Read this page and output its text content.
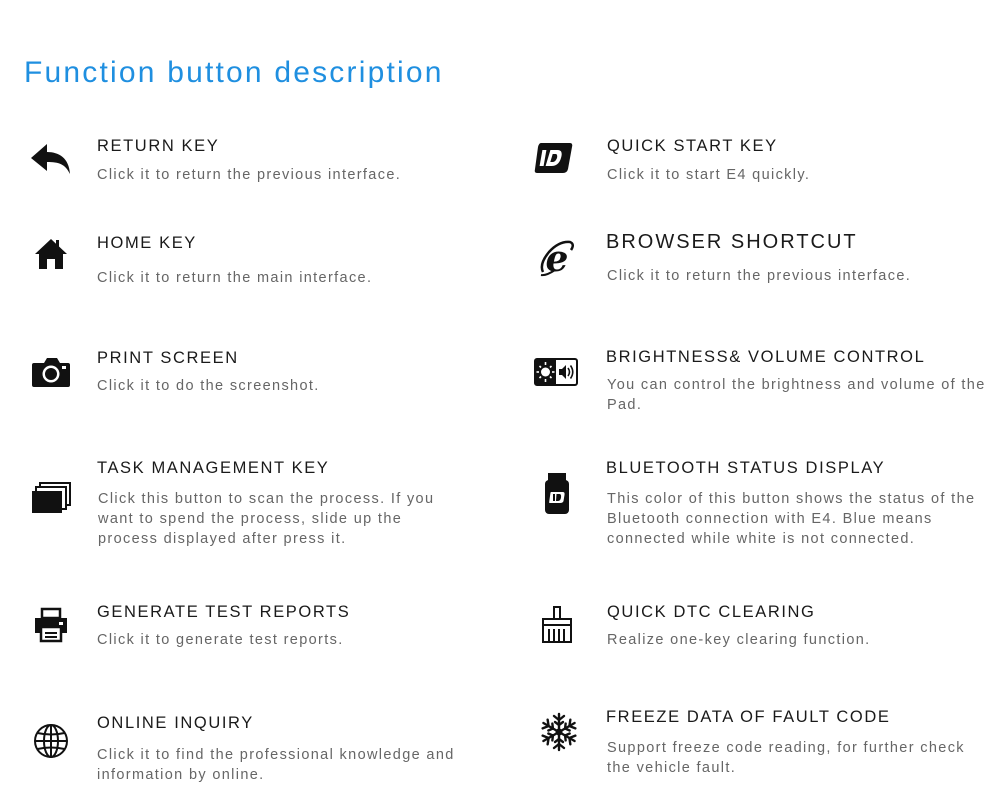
Function button description
RETURN KEY
Click it to return the previous interface.
HOME KEY
Click it to return the main interface.
PRINT SCREEN
Click it to do the screenshot.
TASK MANAGEMENT KEY
Click this button to scan the process. If you want to spend the process, slide up the process displayed after press it.
GENERATE TEST REPORTS
Click it to generate test reports.
ONLINE INQUIRY
Click it to find the professional knowledge and information by online.
QUICK START KEY
Click it to start E4 quickly.
e BROWSER SHORTCUT
Click it to return the previous interface.
BRIGHTNESS& VOLUME CONTROL
You can control the brightness and volume of the Pad.
BLUETOOTH STATUS DISPLAY
This color of this button shows the status of the Bluetooth connection with E4. Blue means connected while white is not connected.
QUICK DTC CLEARING
Realize one-key clearing function.
FREEZE DATA OF FAULT CODE
Support freeze code reading, for further check the vehicle fault.
